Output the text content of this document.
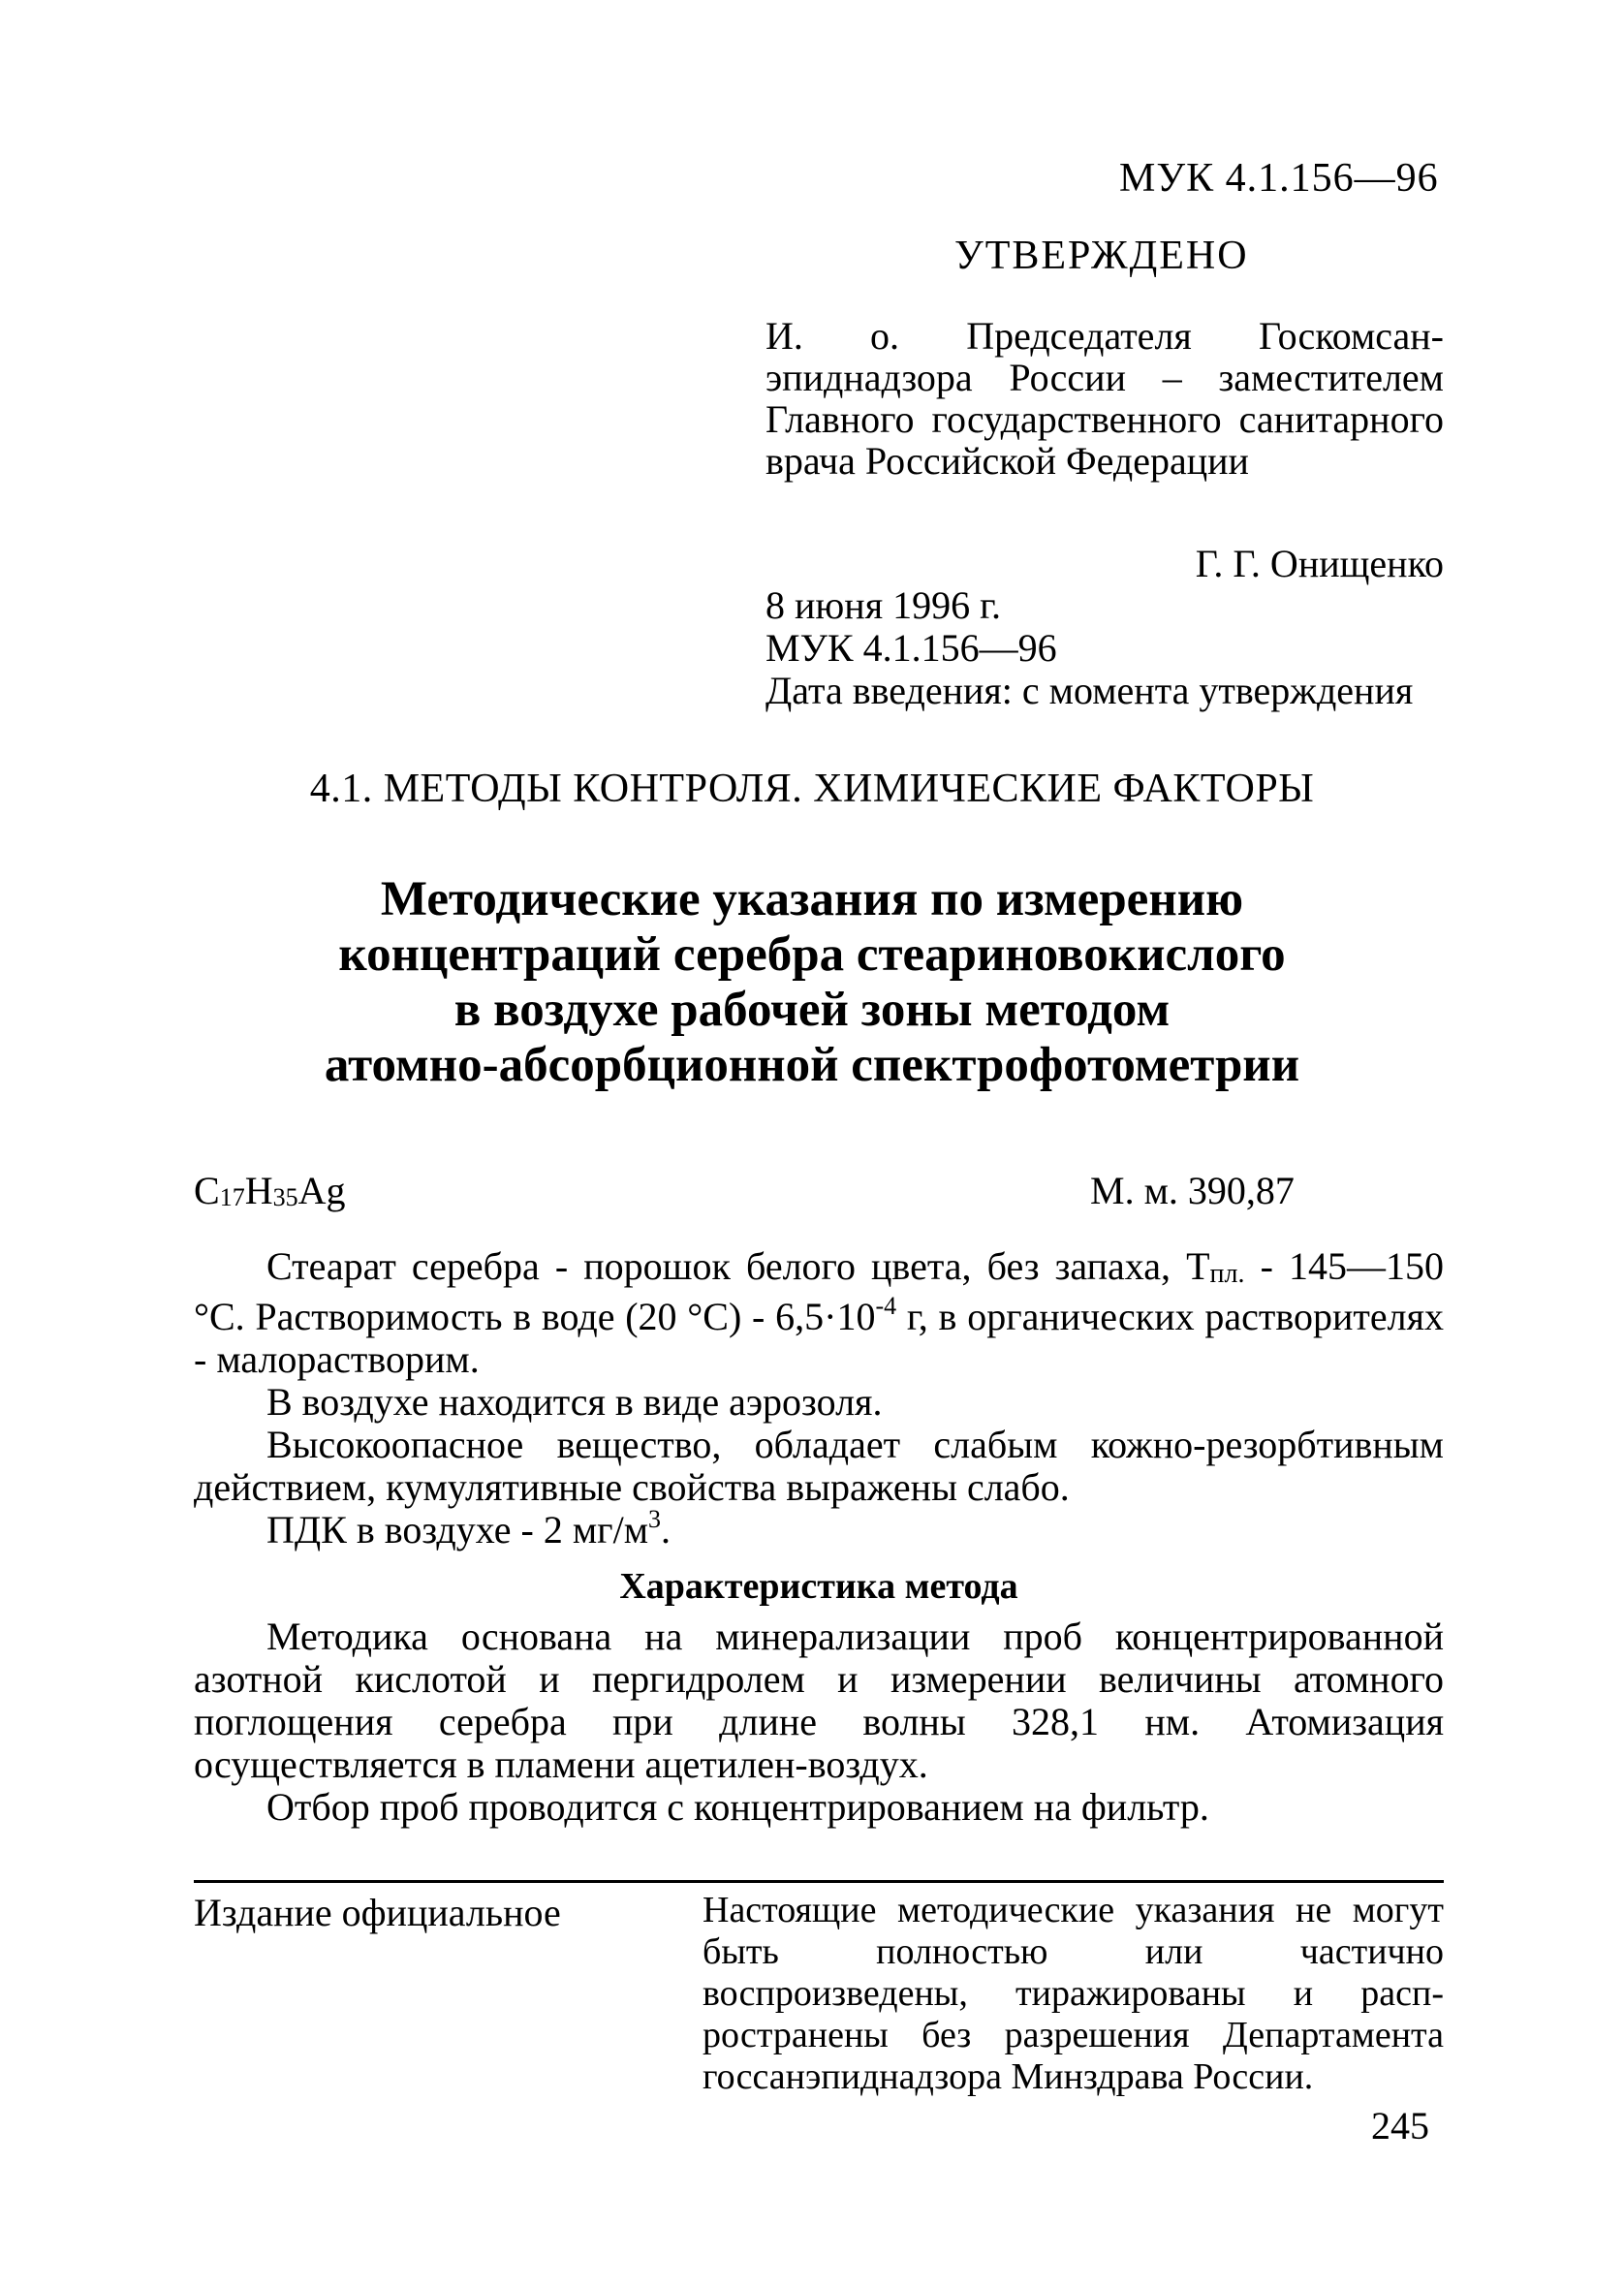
МУК 4.1.156—96
УТВЕРЖДЕНО
И. о. Председателя Госкомсанэпиднадзора России – заместителем Главного государственного санитарного врача Российской Федерации
Г. Г. Онищенко
8 июня 1996 г.
МУК 4.1.156—96
Дата введения: с момента утверждения
4.1. МЕТОДЫ КОНТРОЛЯ. ХИМИЧЕСКИЕ ФАКТОРЫ
Методические указания по измерению
концентраций серебра стеариновокислого
в воздухе рабочей зоны методом
атомно-абсорбционной спектрофотометрии
$C_{17}H_{35}Ag$	М. м. 390,87

Стеарат серебра - порошок белого цвета, без запаха, Тпл. - 145—150 °С. Растворимость в воде (20 $^\circ С) - 6,5\cdot 10^{-4}$ г, в органических растворителях - малорастворим.

В воздухе находится в виде аэрозоля.

Высокоопасное вещество, обладает слабым кожно-резорбтивным действием, кумулятивные свойства выражены слабо.

ПДК в воздухе - 2 $мг/м^3$.

Характеристика метода

Методика основана на минерализации проб концентрированной азотной кислотой и пергидролем и измерении величины атомного поглощения серебра при длине волны 328,1 нм. Атомизация осуществляется в пламени ацетилен-воздух.

Отбор проб проводится с концентрированием на фильтр.

Издание официальное	Настоящие методические указания не могут быть полностью или частично воспроизведены, тиражированы и распространены без разрешения Департамента госсанэпиднадзора Минздрава России.
245
